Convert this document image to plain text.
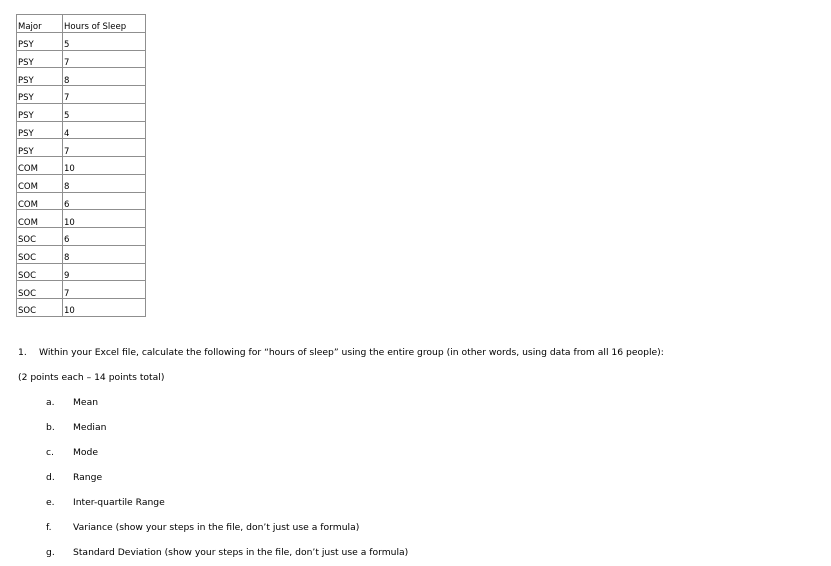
Major	Hours of Sleep
PSY	5
PSY	7
PSY	8
PSY	7
PSY	5
PSY	4
PSY	7
COM	10
COM	8
COM	6
COM	10
SOC	6
SOC	8
SOC	9
SOC	7
SOC	10
1. Within your Excel file, calculate the following for “hours of sleep” using the entire group (in other words, using data from all 16 people):
(2 points each – 14 points total)
a. Mean
b. Median
c. Mode
d. Range
e. Inter-quartile Range
f. Variance (show your steps in the file, don’t just use a formula)
g. Standard Deviation (show your steps in the file, don’t just use a formula)
